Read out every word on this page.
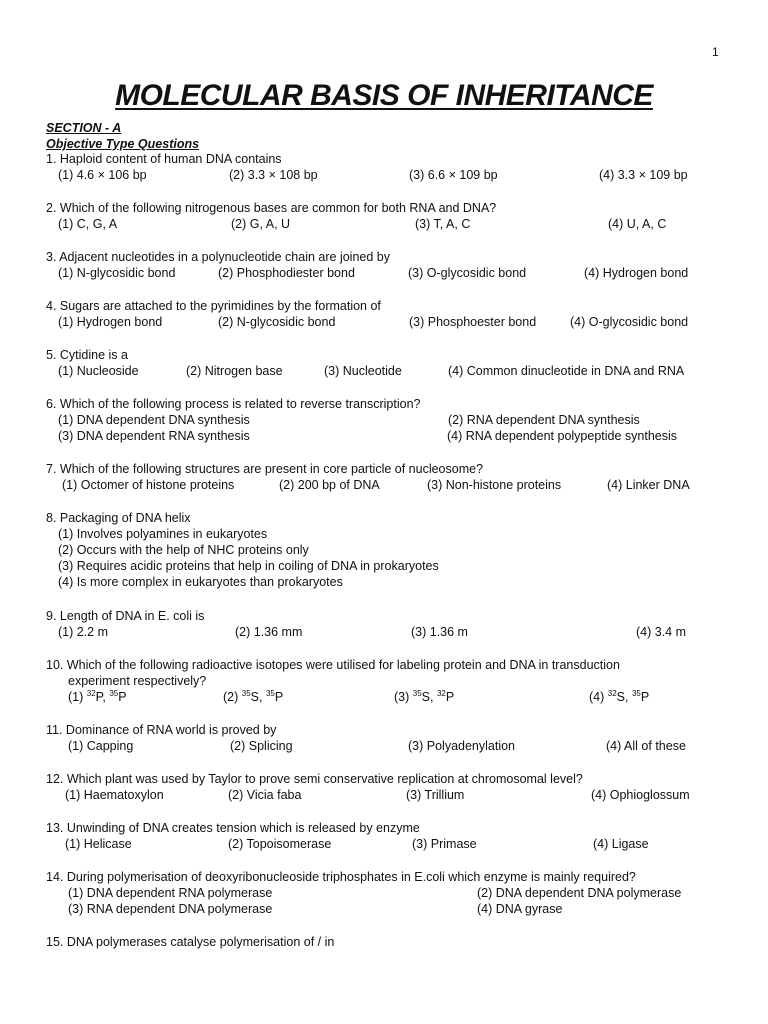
1
MOLECULAR BASIS OF INHERITANCE
SECTION - A
Objective Type Questions
1. Haploid content of human DNA contains
(1) 4.6 × 106 bp	(2) 3.3 × 108 bp	(3) 6.6 × 109 bp	(4) 3.3 × 109 bp
2. Which of the following nitrogenous bases are common for both RNA and DNA?
(1) C, G, A	(2) G, A, U	(3) T, A, C	(4) U, A, C
3. Adjacent nucleotides in a polynucleotide chain are joined by
(1) N-glycosidic bond	(2) Phosphodiester bond	(3) O-glycosidic bond	(4) Hydrogen bond
4. Sugars are attached to the pyrimidines by the formation of
(1) Hydrogen bond	(2) N-glycosidic bond	(3) Phosphoester bond	(4) O-glycosidic bond
5. Cytidine is a
(1) Nucleoside	(2) Nitrogen base	(3) Nucleotide	(4) Common dinucleotide in DNA and RNA
6. Which of the following process is related to reverse transcription?
(1) DNA dependent DNA synthesis	(2) RNA dependent DNA synthesis
(3) DNA dependent RNA synthesis	(4) RNA dependent polypeptide synthesis
7. Which of the following structures are present in core particle of nucleosome?
(1) Octomer of histone proteins	(2) 200 bp of DNA	(3) Non-histone proteins	(4) Linker DNA
8. Packaging of DNA helix
(1) Involves polyamines in eukaryotes
(2) Occurs with the help of NHC proteins only
(3) Requires acidic proteins that help in coiling of DNA in prokaryotes
(4) Is more complex in eukaryotes than prokaryotes
9. Length of DNA in E. coli is
(1) 2.2 m	(2) 1.36 mm	(3) 1.36 m	(4) 3.4 m
10. Which of the following radioactive isotopes were utilised for labeling protein and DNA in transduction
experiment respectively?
(1) $^{32}$P, $^{35}$P	(2) $^{35}$S, $^{35}$P	(3) $^{35}$S, $^{32}$P	(4) $^{32}$S, $^{35}$P
11. Dominance of RNA world is proved by
(1) Capping	(2) Splicing	(3) Polyadenylation	(4) All of these
12. Which plant was used by Taylor to prove semi conservative replication at chromosomal level?
(1) Haematoxylon	(2) Vicia faba	(3) Trillium	(4) Ophioglossum
13. Unwinding of DNA creates tension which is released by enzyme
(1) Helicase	(2) Topoisomerase	(3) Primase	(4) Ligase
14. During polymerisation of deoxyribonucleoside triphosphates in E.coli which enzyme is mainly required?
(1) DNA dependent RNA polymerase	(2) DNA dependent DNA polymerase
(3) RNA dependent DNA polymerase	(4) DNA gyrase
15. DNA polymerases catalyse polymerisation of / in
